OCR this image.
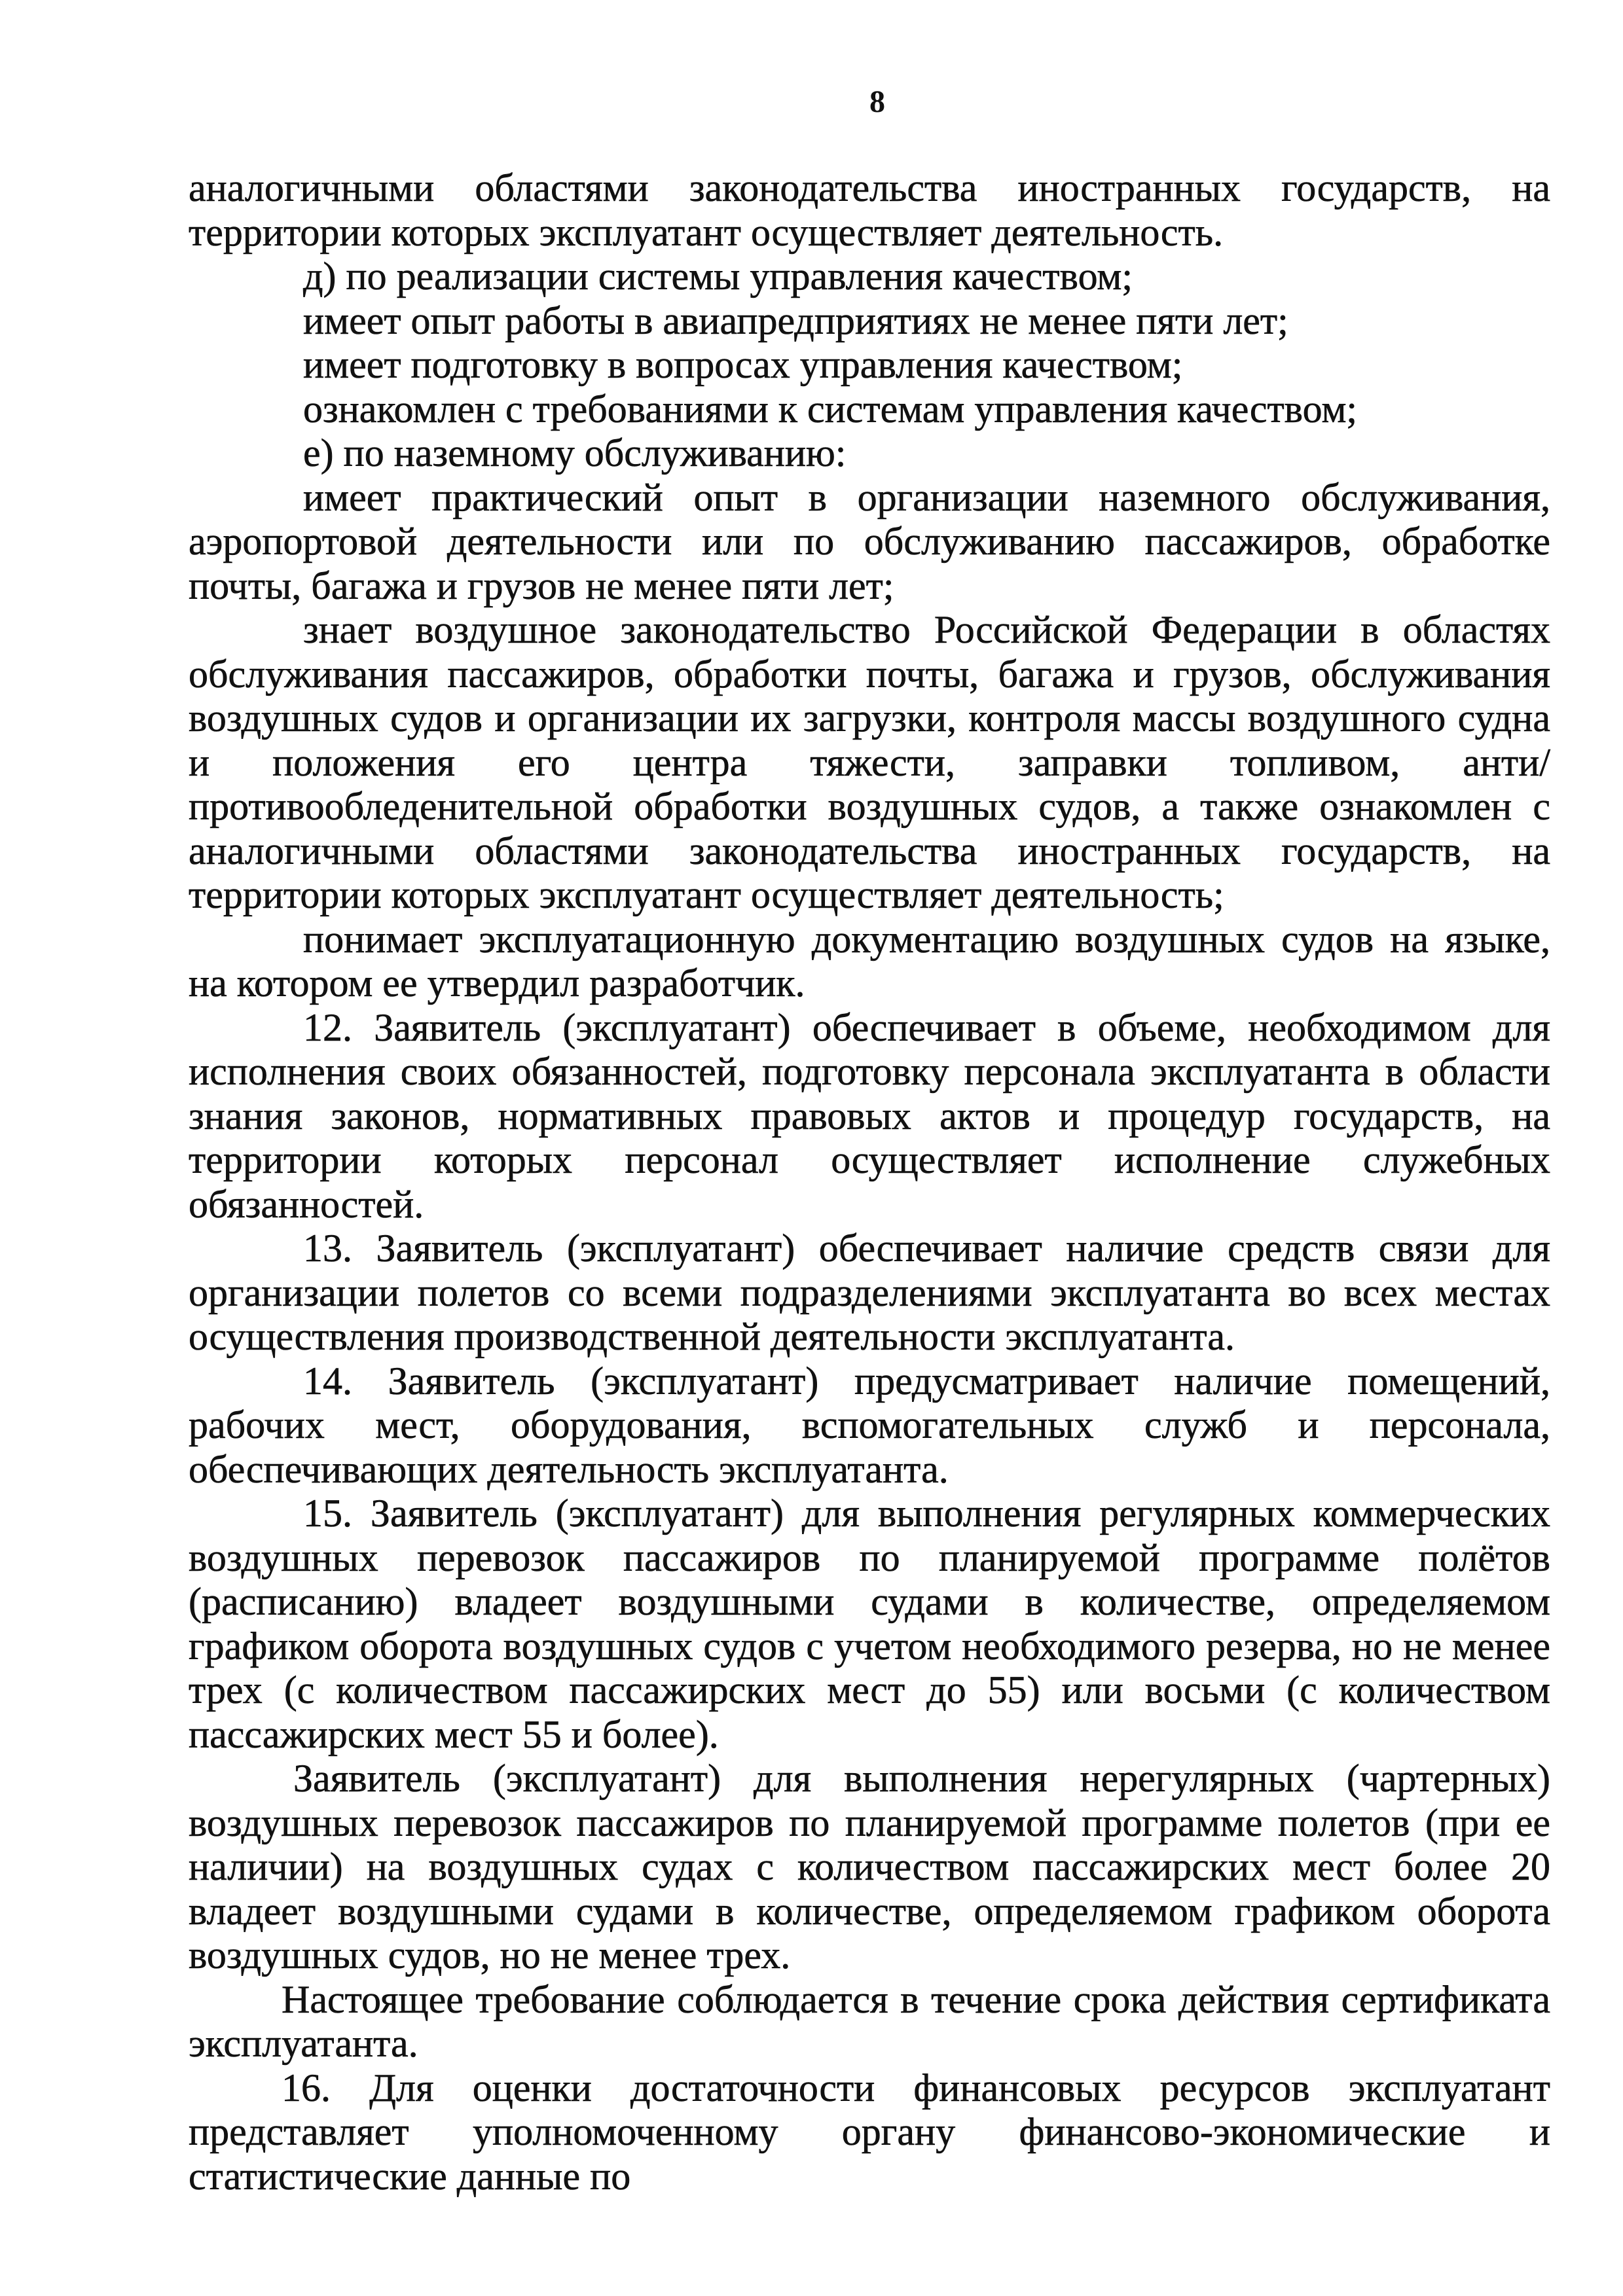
8

аналогичными областями законодательства иностранных государств, на территории которых эксплуатант осуществляет деятельность.

д) по реализации системы управления качеством;

имеет опыт работы в авиапредприятиях не менее пяти лет;

имеет подготовку в вопросах управления качеством;

ознакомлен с требованиями к системам управления качеством;

е) по наземному обслуживанию:

имеет практический опыт в организации наземного обслуживания, аэропортовой деятельности или по обслуживанию пассажиров, обработке почты, багажа и грузов не менее пяти лет;

знает воздушное законодательство Российской Федерации в областях обслуживания пассажиров, обработки почты, багажа и грузов, обслуживания воздушных судов и организации их загрузки, контроля массы воздушного судна и положения его центра тяжести, заправки топливом, анти/противообледенительной обработки воздушных судов, а также ознакомлен с аналогичными областями законодательства иностранных государств, на территории которых эксплуатант осуществляет деятельность;

понимает эксплуатационную документацию воздушных судов на языке, на котором ее утвердил разработчик.

12. Заявитель (эксплуатант) обеспечивает в объеме, необходимом для исполнения своих обязанностей, подготовку персонала эксплуатанта в области знания законов, нормативных правовых актов и процедур государств, на территории которых персонал осуществляет исполнение служебных обязанностей.

13. Заявитель (эксплуатант) обеспечивает наличие средств связи для организации полетов со всеми подразделениями эксплуатанта во всех местах осуществления производственной деятельности эксплуатанта.

14. Заявитель (эксплуатант) предусматривает наличие помещений, рабочих мест, оборудования, вспомогательных служб и персонала, обеспечивающих деятельность эксплуатанта.

15. Заявитель (эксплуатант) для выполнения регулярных коммерческих воздушных перевозок пассажиров по планируемой программе полётов (расписанию) владеет воздушными судами в количестве, определяемом графиком оборота воздушных судов с учетом необходимого резерва, но не менее трех (с количеством пассажирских мест до 55) или восьми (с количеством пассажирских мест 55 и более).

Заявитель (эксплуатант) для выполнения нерегулярных (чартерных) воздушных перевозок пассажиров по планируемой программе полетов (при ее наличии) на воздушных судах с количеством пассажирских мест более 20 владеет воздушными судами в количестве, определяемом графиком оборота воздушных судов, но не менее трех.

Настоящее требование соблюдается в течение срока действия сертификата эксплуатанта.

16. Для оценки достаточности финансовых ресурсов эксплуатант представляет уполномоченному органу финансово-экономические и статистические данные по
